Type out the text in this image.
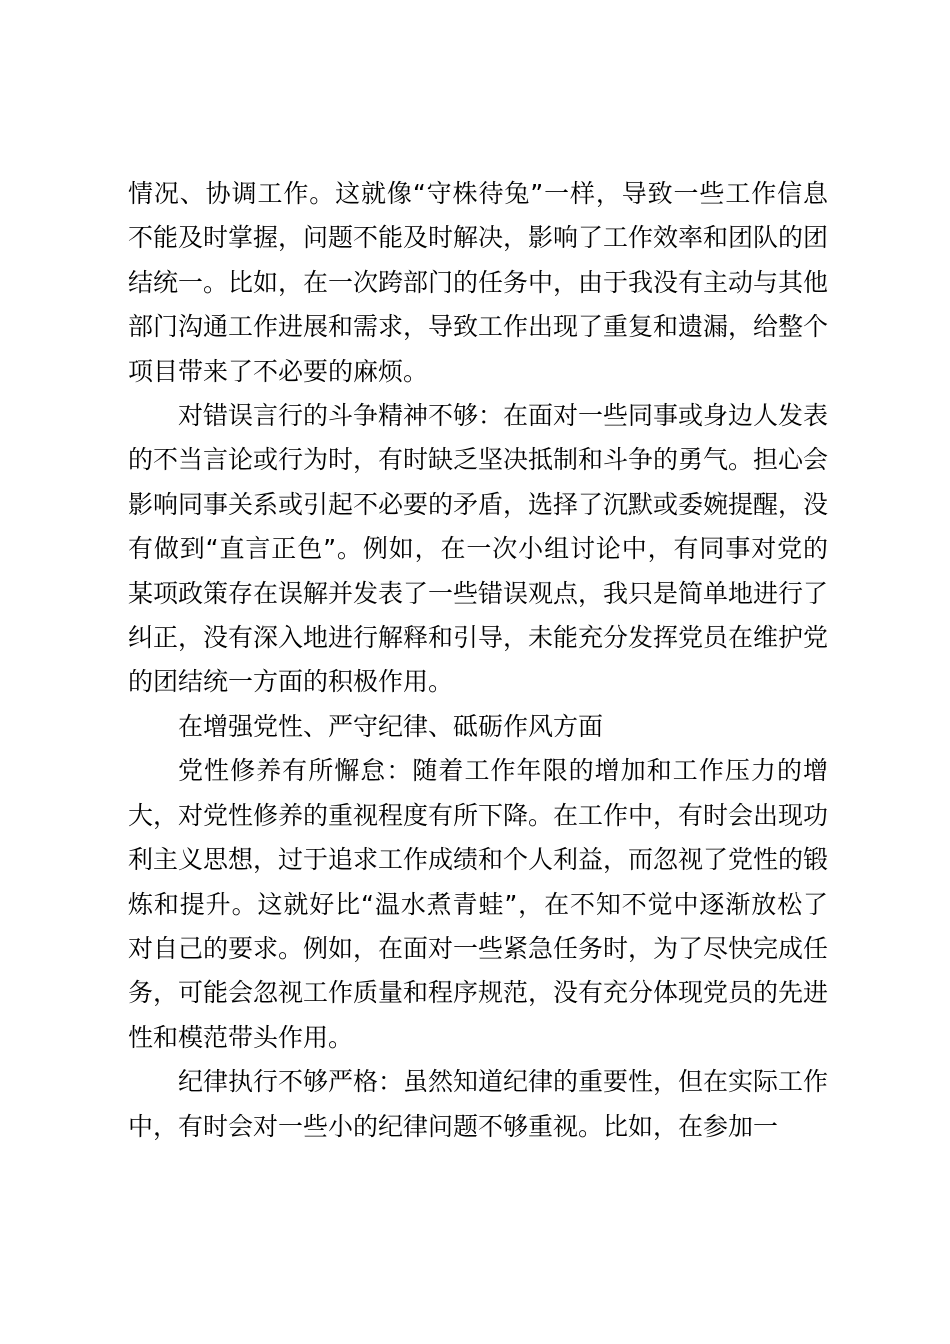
情况、协调工作。这就像“守株待兔”一样，导致一些工作信息不能及时掌握，问题不能及时解决，影响了工作效率和团队的团结统一。比如，在一次跨部门的任务中，由于我没有主动与其他部门沟通工作进展和需求，导致工作出现了重复和遗漏，给整个项目带来了不必要的麻烦。

对错误言行的斗争精神不够：在面对一些同事或身边人发表的不当言论或行为时，有时缺乏坚决抵制和斗争的勇气。担心会影响同事关系或引起不必要的矛盾，选择了沉默或委婉提醒，没有做到“直言正色”。例如，在一次小组讨论中，有同事对党的某项政策存在误解并发表了一些错误观点，我只是简单地进行了纠正，没有深入地进行解释和引导，未能充分发挥党员在维护党的团结统一方面的积极作用。

在增强党性、严守纪律、砥砺作风方面

党性修养有所懈怠：随着工作年限的增加和工作压力的增大，对党性修养的重视程度有所下降。在工作中，有时会出现功利主义思想，过于追求工作成绩和个人利益，而忽视了党性的锻炼和提升。这就好比“温水煮青蛙”，在不知不觉中逐渐放松了对自己的要求。例如，在面对一些紧急任务时，为了尽快完成任务，可能会忽视工作质量和程序规范，没有充分体现党员的先进性和模范带头作用。

纪律执行不够严格：虽然知道纪律的重要性，但在实际工作中，有时会对一些小的纪律问题不够重视。比如，在参加一
